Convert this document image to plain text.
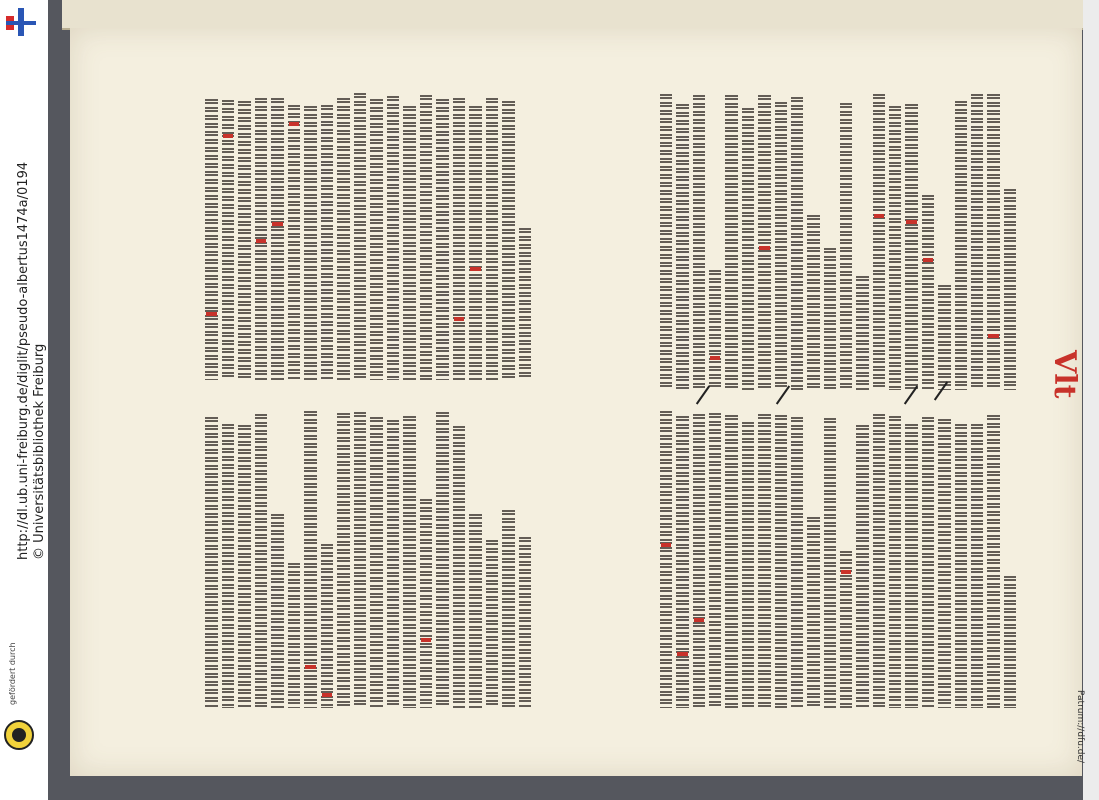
http://dl.ub.uni-freiburg.de/diglit/pseudo-albertus1474a/0194 © Universitätsbibliothek Freiburg
gefördert durch
Vlt
Patrum://dfu.de/
